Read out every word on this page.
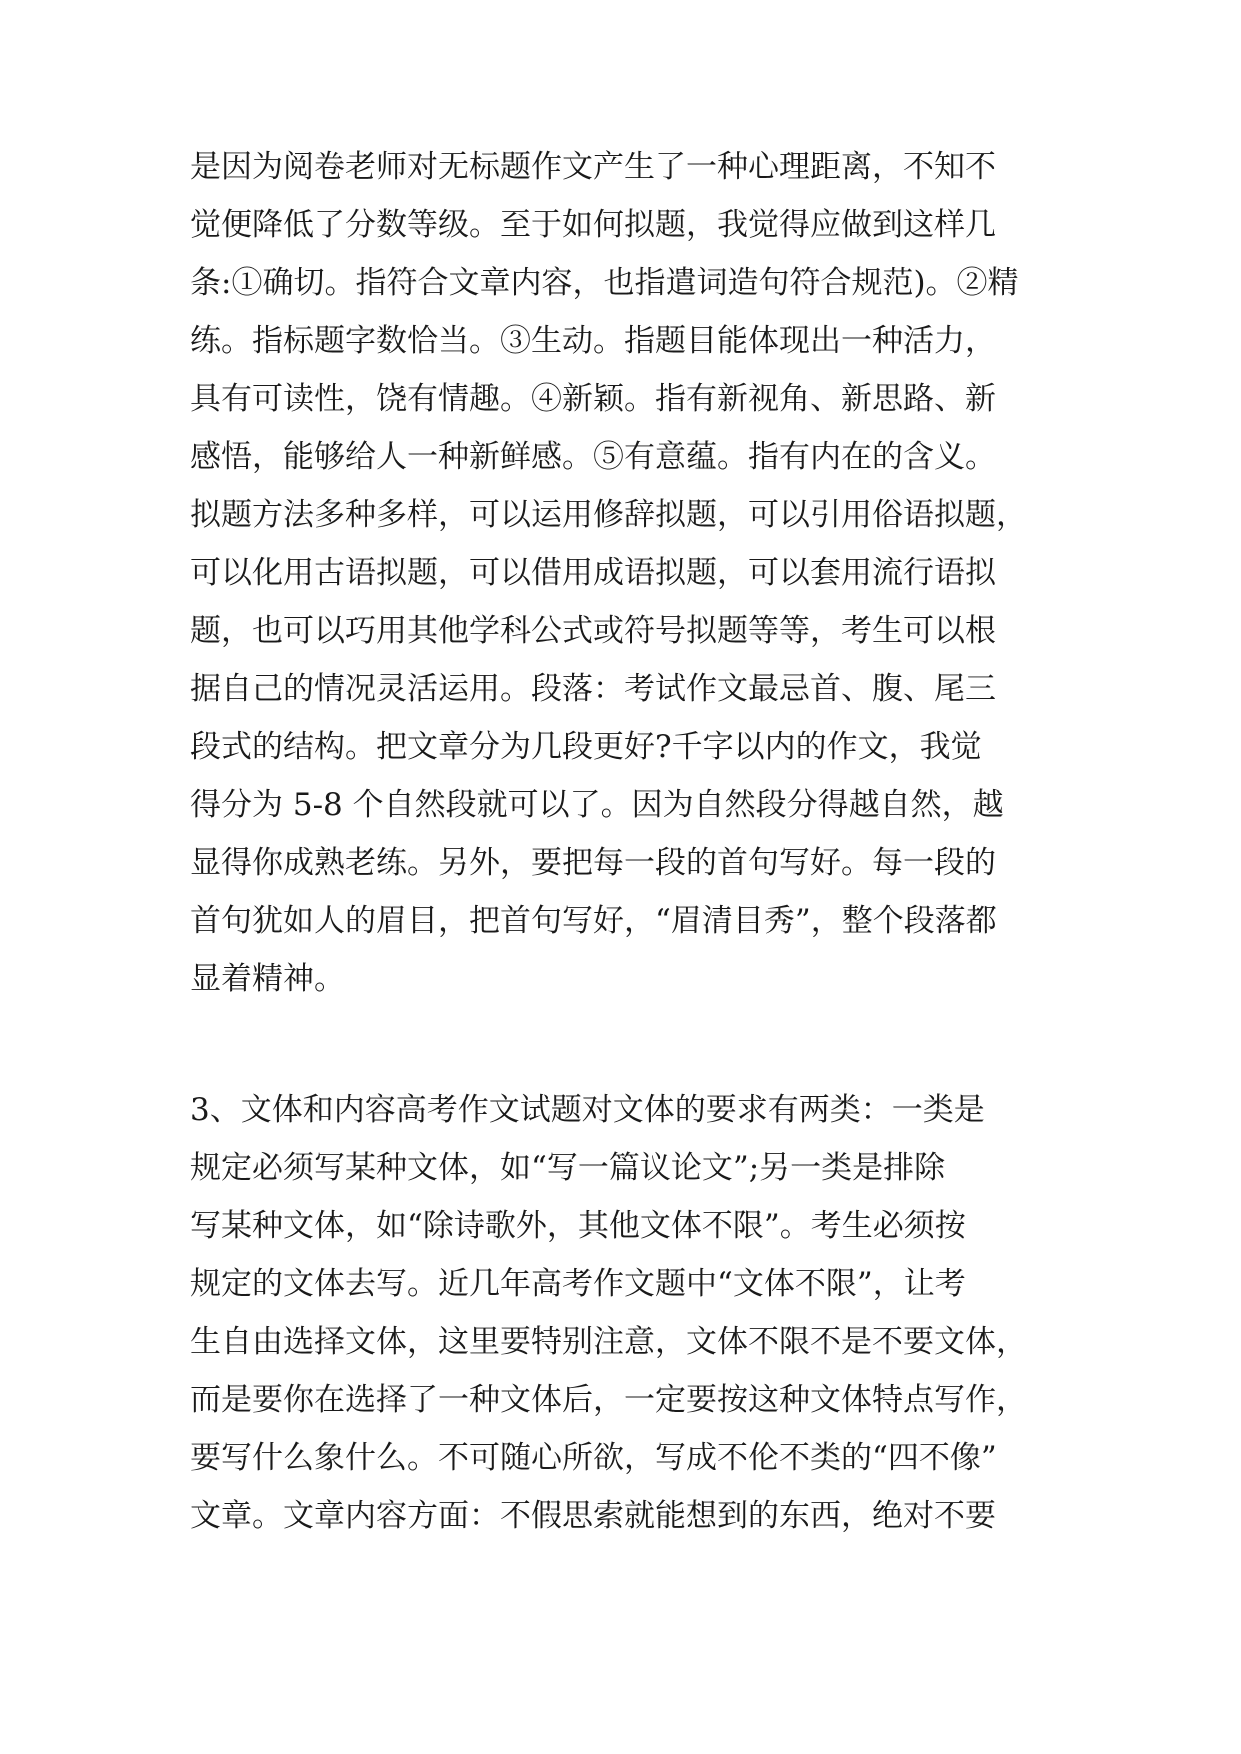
是因为阅卷老师对无标题作文产生了一种心理距离，不知不
觉便降低了分数等级。至于如何拟题，我觉得应做到这样几
条:①确切。指符合文章内容，也指遣词造句符合规范)。②精
练。指标题字数恰当。③生动。指题目能体现出一种活力，
具有可读性，饶有情趣。④新颖。指有新视角、新思路、新
感悟，能够给人一种新鲜感。⑤有意蕴。指有内在的含义。
拟题方法多种多样，可以运用修辞拟题，可以引用俗语拟题，
可以化用古语拟题，可以借用成语拟题，可以套用流行语拟
题，也可以巧用其他学科公式或符号拟题等等，考生可以根
据自己的情况灵活运用。段落：考试作文最忌首、腹、尾三
段式的结构。把文章分为几段更好?千字以内的作文，我觉
得分为 5-8 个自然段就可以了。因为自然段分得越自然，越
显得你成熟老练。另外，要把每一段的首句写好。每一段的
首句犹如人的眉目，把首句写好，“眉清目秀”，整个段落都
显着精神。
3、文体和内容高考作文试题对文体的要求有两类：一类是
规定必须写某种文体，如“写一篇议论文”;另一类是排除
写某种文体，如“除诗歌外，其他文体不限”。考生必须按
规定的文体去写。近几年高考作文题中“文体不限”，让考
生自由选择文体，这里要特别注意，文体不限不是不要文体，
而是要你在选择了一种文体后，一定要按这种文体特点写作，
要写什么象什么。不可随心所欲，写成不伦不类的“四不像”
文章。文章内容方面：不假思索就能想到的东西，绝对不要
